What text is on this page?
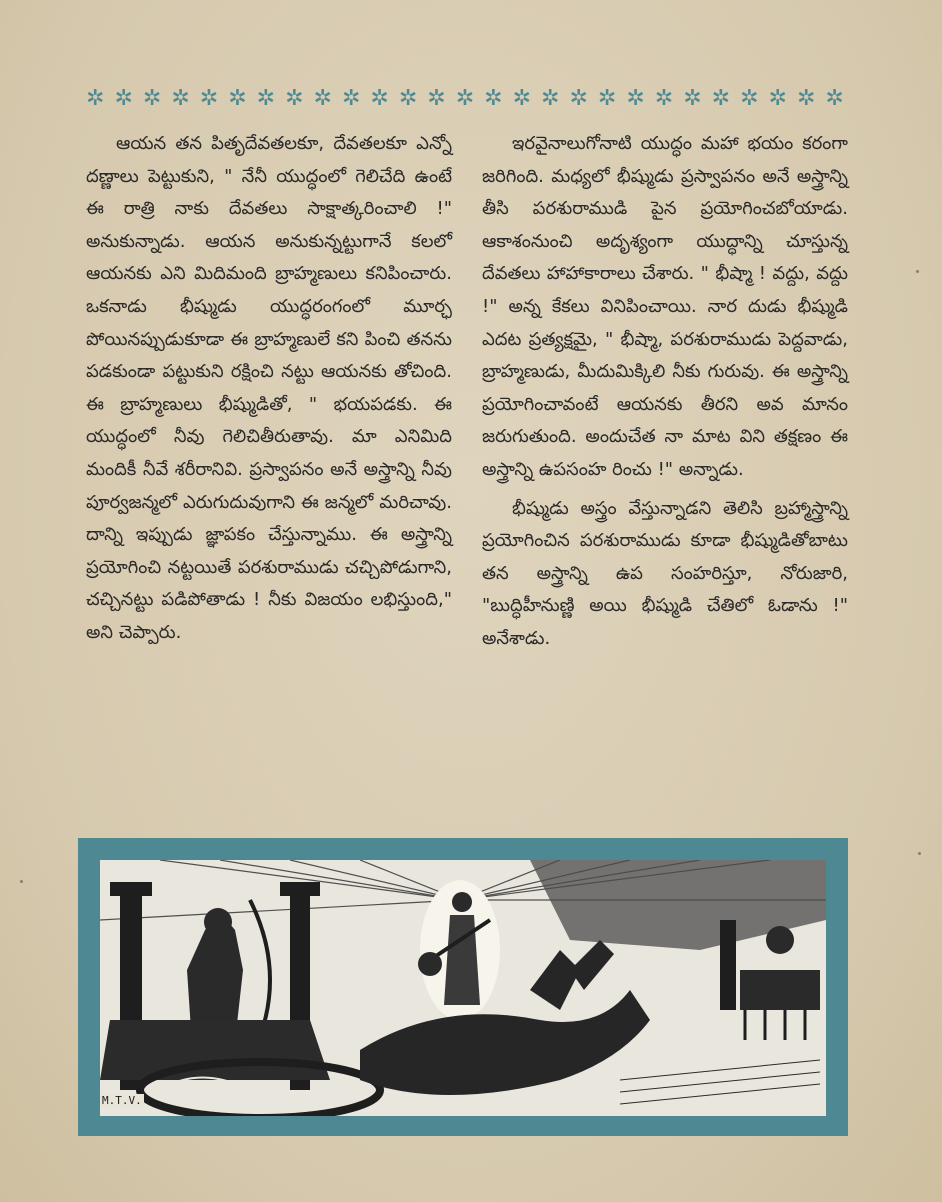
✲ ✲ ✲ ✲ ✲ ✲ ✲ ✲ ✲ ✲ ✲ ✲ ✲ ✲ ✲ ✲ ✲ ✲ ✲ ✲ ✲ ✲ ✲ ✲ ✲ ✲ ✲

ఆయన తన పితృదేవతలకూ, దేవతలకూ ఎన్నో దణ్ణాలు పెట్టుకుని, " నేనీ యుద్ధంలో గెలిచేది ఉంటే ఈ రాత్రి నాకు దేవతలు సాక్షాత్కరించాలి !" అనుకున్నాడు. ఆయన అనుకున్నట్టుగానే కలలో ఆయనకు ఎని మిదిమంది బ్రాహ్మణులు కనిపించారు. ఒకనాడు భీష్ముడు యుద్ధరంగంలో మూర్ఛ పోయినప్పుడుకూడా ఈ బ్రాహ్మణులే కని పించి తనను పడకుండా పట్టుకుని రక్షించి నట్టు ఆయనకు తోచింది. ఈ బ్రాహ్మణులు భీష్ముడితో, " భయపడకు. ఈ యుద్ధంలో నీవు గెలిచితీరుతావు. మా ఎనిమిది మందికీ నీవే శరీరానివి. ప్రస్వాపనం అనే అస్త్రాన్ని నీవు పూర్వజన్మలో ఎరుగుదువుగాని ఈ జన్మలో మరిచావు. దాన్ని ఇప్పుడు జ్ఞాపకం చేస్తున్నాము. ఈ అస్త్రాన్ని ప్రయోగించి నట్టయితే పరశురాముడు చచ్చిపోడుగాని, చచ్చినట్టు పడిపోతాడు ! నీకు విజయం లభిస్తుంది," అని చెప్పారు.

ఇరవైనాలుగోనాటి యుద్ధం మహా భయం కరంగా జరిగింది. మధ్యలో భీష్ముడు ప్రస్వాపనం అనే అస్త్రాన్ని తీసి పరశురాముడి పైన ప్రయోగించబోయాడు. ఆకాశంనుంచి అదృశ్యంగా యుద్ధాన్ని చూస్తున్న దేవతలు హాహాకారాలు చేశారు. " భీష్మా ! వద్దు, వద్దు !" అన్న కేకలు వినిపించాయి. నార దుడు భీష్ముడి ఎదట ప్రత్యక్షమై, " భీష్మా, పరశురాముడు పెద్దవాడు, బ్రాహ్మణుడు, మీదుమిక్కిలి నీకు గురువు. ఈ అస్త్రాన్ని ప్రయోగించావంటే ఆయనకు తీరని అవ మానం జరుగుతుంది. అందుచేత నా మాట విని తక్షణం ఈ అస్త్రాన్ని ఉపసంహ రించు !" అన్నాడు.

భీష్ముడు అస్త్రం వేస్తున్నాడని తెలిసి బ్రహ్మాస్త్రాన్ని ప్రయోగించిన పరశురాముడు కూడా భీష్ముడితోబాటు తన అస్త్రాన్ని ఉప సంహరిస్తూ, నోరుజారి, "బుద్ధిహీనుణ్ణి అయి భీష్ముడి చేతిలో ఓడాను !" అనేశాడు.

M.T.V.
